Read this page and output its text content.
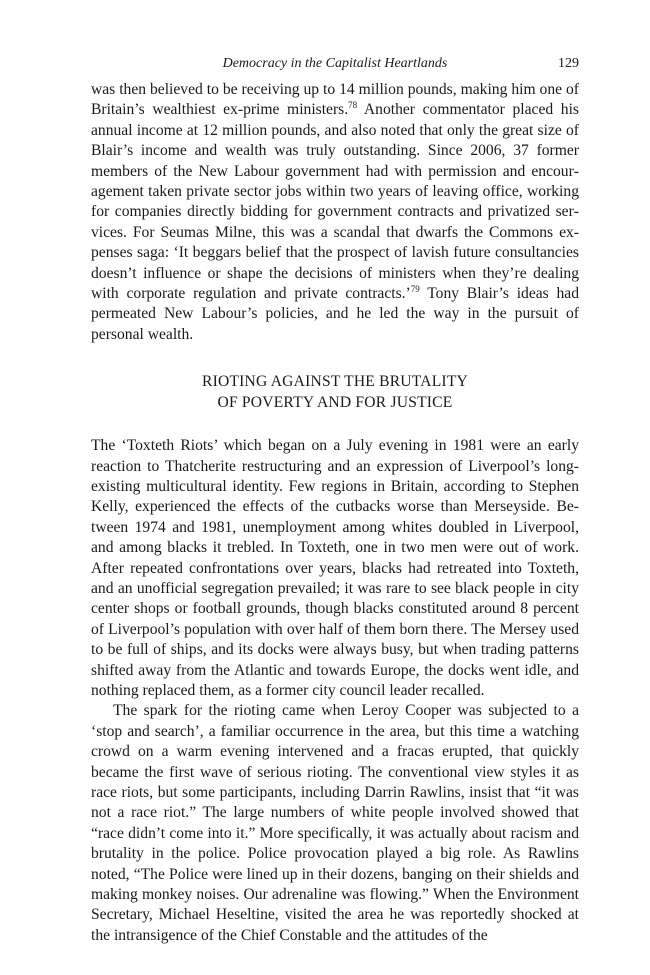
Democracy in the Capitalist Heartlands	129

was then believed to be receiving up to 14 million pounds, making him one of Britain’s wealthiest ex-prime ministers.$^{78}$ Another commentator placed his annual income at 12 million pounds, and also noted that only the great size of Blair’s income and wealth was truly outstanding. Since 2006, 37 former members of the New Labour government had with permission and encouragement taken private sector jobs within two years of leaving office, working for companies directly bidding for government contracts and privatized services. For Seumas Milne, this was a scandal that dwarfs the Commons expenses saga: ‘It beggars belief that the prospect of lavish future consultancies doesn’t influence or shape the decisions of ministers when they’re dealing with corporate regulation and private contracts.’$^{79}$ Tony Blair’s ideas had permeated New Labour’s policies, and he led the way in the pursuit of personal wealth.

RIOTING AGAINST THE BRUTALITY
OF POVERTY AND FOR JUSTICE

The ‘Toxteth Riots’ which began on a July evening in 1981 were an early reaction to Thatcherite restructuring and an expression of Liverpool’s long-existing multicultural identity. Few regions in Britain, according to Stephen Kelly, experienced the effects of the cutbacks worse than Merseyside. Between 1974 and 1981, unemployment among whites doubled in Liverpool, and among blacks it trebled. In Toxteth, one in two men were out of work. After repeated confrontations over years, blacks had retreated into Toxteth, and an unofficial segregation prevailed; it was rare to see black people in city center shops or football grounds, though blacks constituted around 8 percent of Liverpool’s population with over half of them born there. The Mersey used to be full of ships, and its docks were always busy, but when trading patterns shifted away from the Atlantic and towards Europe, the docks went idle, and nothing replaced them, as a former city council leader recalled.

The spark for the rioting came when Leroy Cooper was subjected to a ‘stop and search’, a familiar occurrence in the area, but this time a watching crowd on a warm evening intervened and a fracas erupted, that quickly became the first wave of serious rioting. The conventional view styles it as race riots, but some participants, including Darrin Rawlins, insist that “it was not a race riot.” The large numbers of white people involved showed that “race didn’t come into it.” More specifically, it was actually about racism and brutality in the police. Police provocation played a big role. As Rawlins noted, “The Police were lined up in their dozens, banging on their shields and making monkey noises. Our adrenaline was flowing.” When the Environment Secretary, Michael Heseltine, visited the area he was reportedly shocked at the intransigence of the Chief Constable and the attitudes of the
